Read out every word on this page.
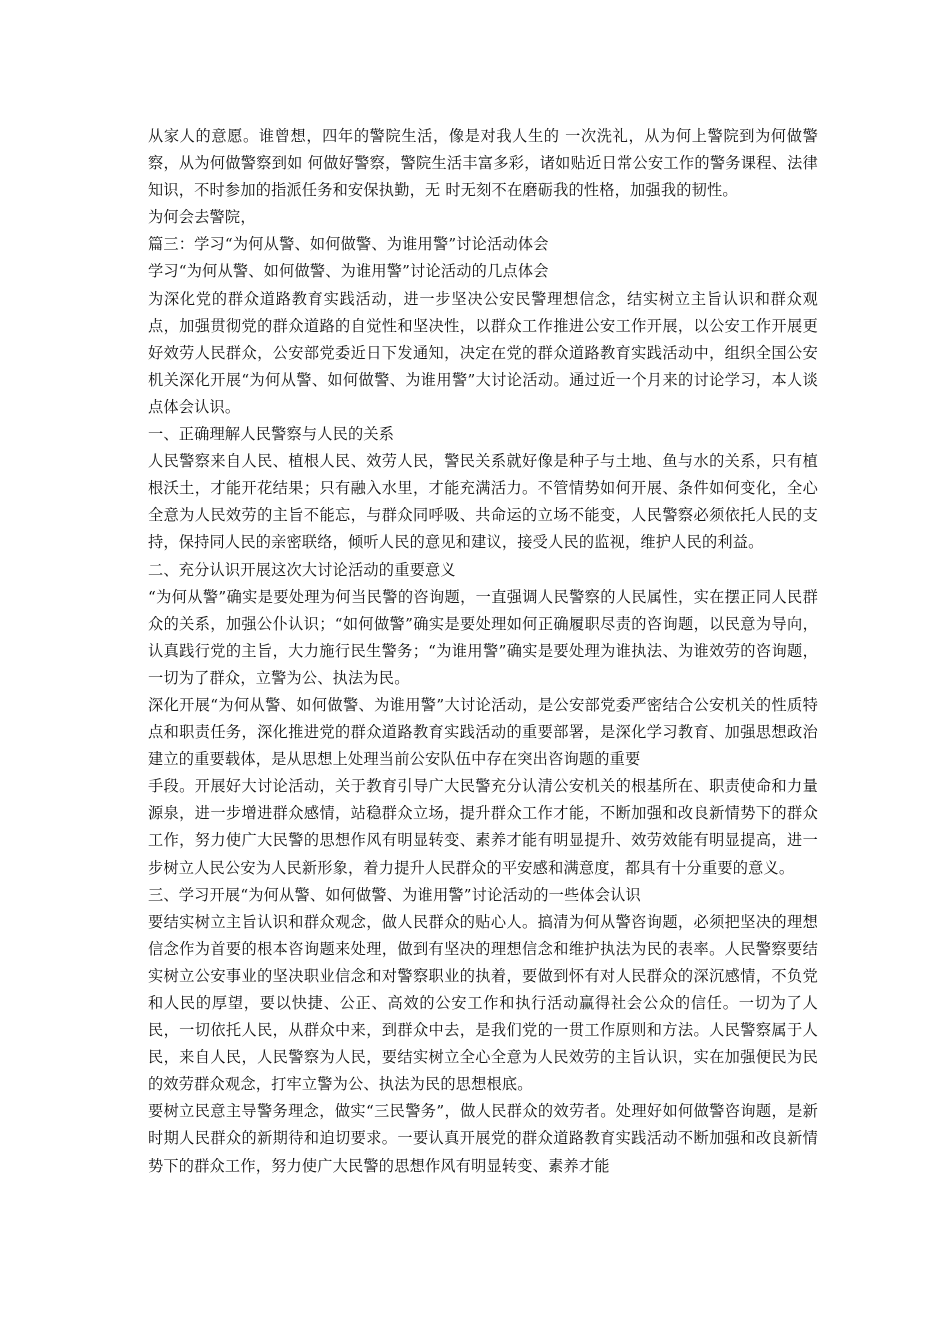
从家人的意愿。谁曾想，四年的警院生活，像是对我人生的 一次洗礼，从为何上警院到为何做警察，从为何做警察到如 何做好警察，警院生活丰富多彩，诸如贴近日常公安工作的警务课程、法律知识，不时参加的指派任务和安保执勤，无 时无刻不在磨砺我的性格，加强我的韧性。

为何会去警院，

篇三：学习“为何从警、如何做警、为谁用警”讨论活动体会

学习“为何从警、如何做警、为谁用警”讨论活动的几点体会

为深化党的群众道路教育实践活动，进一步坚决公安民警理想信念，结实树立主旨认识和群众观点，加强贯彻党的群众道路的自觉性和坚决性，以群众工作推进公安工作开展，以公安工作开展更好效劳人民群众，公安部党委近日下发通知，决定在党的群众道路教育实践活动中，组织全国公安机关深化开展“为何从警、如何做警、为谁用警”大讨论活动。通过近一个月来的讨论学习，本人谈点体会认识。

一、正确理解人民警察与人民的关系

人民警察来自人民、植根人民、效劳人民，警民关系就好像是种子与土地、鱼与水的关系，只有植根沃土，才能开花结果；只有融入水里，才能充满活力。不管情势如何开展、条件如何变化，全心全意为人民效劳的主旨不能忘，与群众同呼吸、共命运的立场不能变，人民警察必须依托人民的支持，保持同人民的亲密联络，倾听人民的意见和建议，接受人民的监视，维护人民的利益。

二、充分认识开展这次大讨论活动的重要意义

“为何从警”确实是要处理为何当民警的咨询题，一直强调人民警察的人民属性，实在摆正同人民群众的关系，加强公仆认识；“如何做警”确实是要处理如何正确履职尽责的咨询题，以民意为导向，认真践行党的主旨，大力施行民生警务；“为谁用警”确实是要处理为谁执法、为谁效劳的咨询题，一切为了群众，立警为公、执法为民。

深化开展“为何从警、如何做警、为谁用警”大讨论活动，是公安部党委严密结合公安机关的性质特点和职责任务，深化推进党的群众道路教育实践活动的重要部署，是深化学习教育、加强思想政治建立的重要载体，是从思想上处理当前公安队伍中存在突出咨询题的重要

手段。开展好大讨论活动，关于教育引导广大民警充分认清公安机关的根基所在、职责使命和力量源泉，进一步增进群众感情，站稳群众立场，提升群众工作才能，不断加强和改良新情势下的群众工作，努力使广大民警的思想作风有明显转变、素养才能有明显提升、效劳效能有明显提高，进一步树立人民公安为人民新形象，着力提升人民群众的平安感和满意度，都具有十分重要的意义。

三、学习开展“为何从警、如何做警、为谁用警”讨论活动的一些体会认识

要结实树立主旨认识和群众观念，做人民群众的贴心人。搞清为何从警咨询题，必须把坚决的理想信念作为首要的根本咨询题来处理，做到有坚决的理想信念和维护执法为民的表率。人民警察要结实树立公安事业的坚决职业信念和对警察职业的执着，要做到怀有对人民群众的深沉感情，不负党和人民的厚望，要以快捷、公正、高效的公安工作和执行活动赢得社会公众的信任。一切为了人民，一切依托人民，从群众中来，到群众中去，是我们党的一贯工作原则和方法。人民警察属于人民，来自人民，人民警察为人民，要结实树立全心全意为人民效劳的主旨认识，实在加强便民为民的效劳群众观念，打牢立警为公、执法为民的思想根底。

要树立民意主导警务理念，做实“三民警务”，做人民群众的效劳者。处理好如何做警咨询题，是新时期人民群众的新期待和迫切要求。一要认真开展党的群众道路教育实践活动不断加强和改良新情势下的群众工作，努力使广大民警的思想作风有明显转变、素养才能
